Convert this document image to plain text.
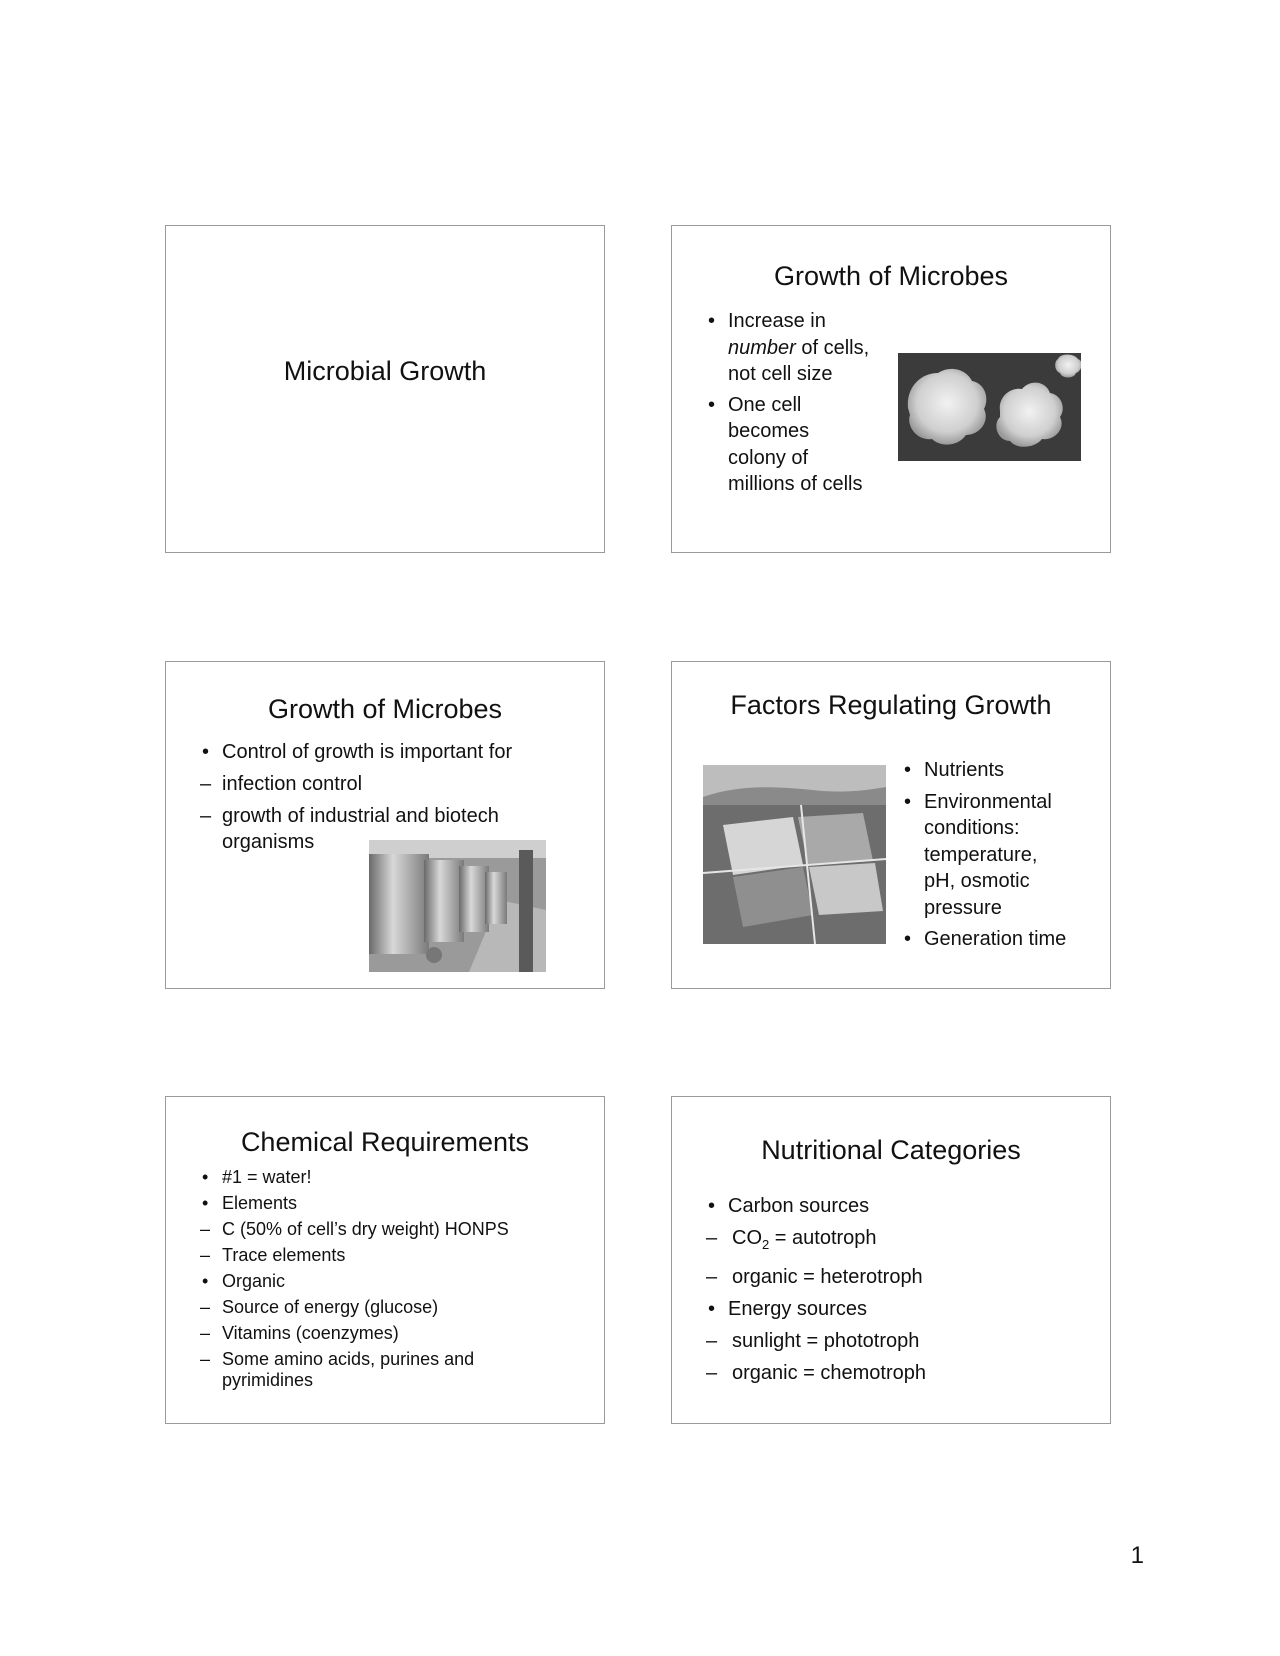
Microbial Growth
Growth of Microbes
• Increase in
number of cells,
not cell size
• One cell
becomes
colony of
millions of cells
Growth of Microbes
• Control of growth is important for
– infection control
– growth of industrial and biotech
organisms
Factors Regulating Growth
• Nutrients
• Environmental
conditions:
temperature,
pH, osmotic
pressure
• Generation time
Chemical Requirements
• #1 = water!
• Elements
– C (50% of cell’s dry weight) HONPS
– Trace elements
• Organic
– Source of energy (glucose)
– Vitamins (coenzymes)
– Some amino acids, purines and
pyrimidines
Nutritional Categories
• Carbon sources
– $CO_2$ = autotroph
– organic = heterotroph
• Energy sources
– sunlight = phototroph
– organic = chemotroph
1
